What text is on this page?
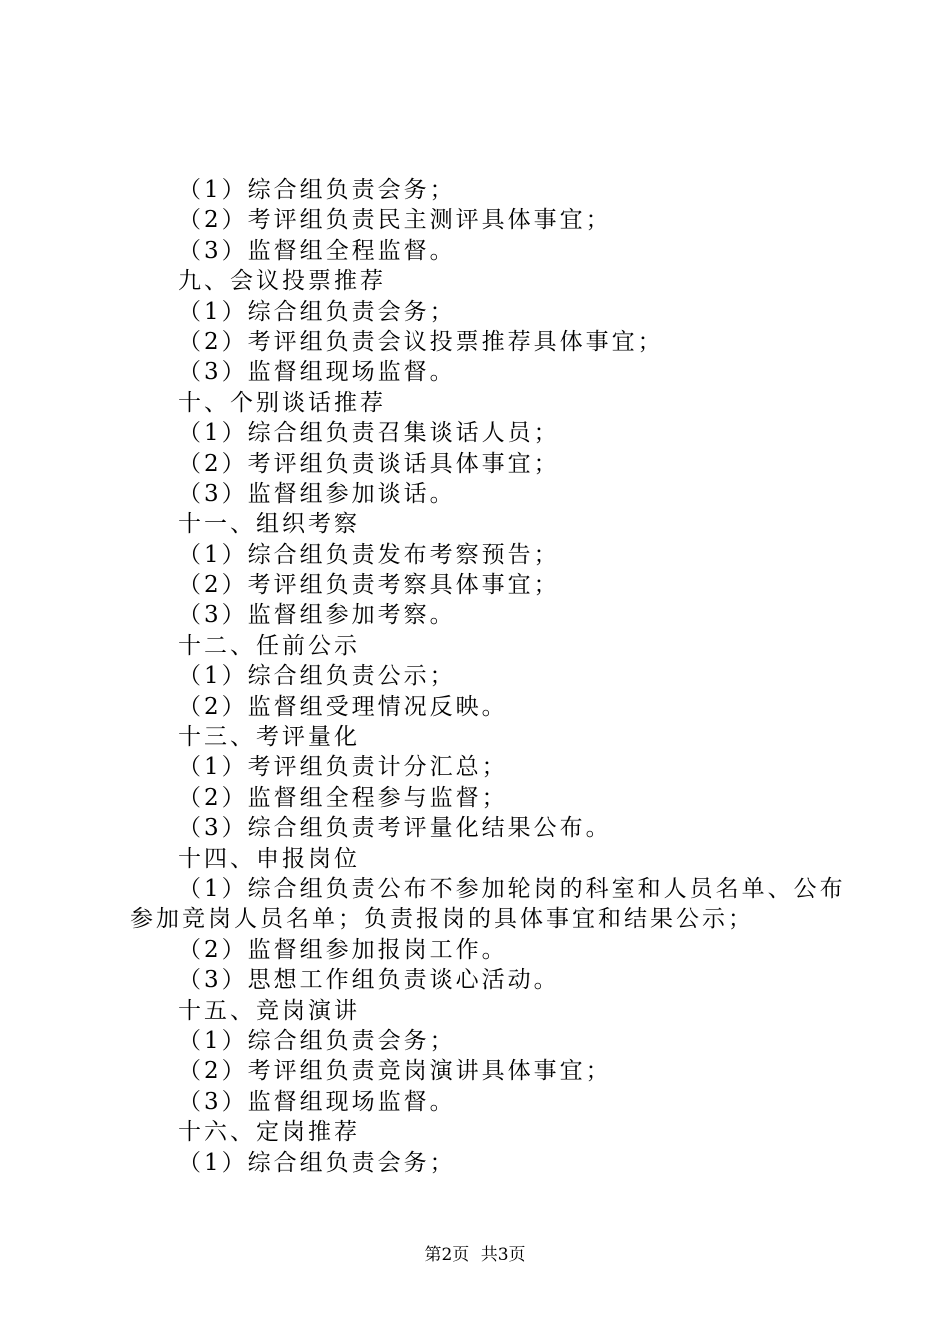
（1）综合组负责会务；
（2）考评组负责民主测评具体事宜；
（3）监督组全程监督。
九、会议投票推荐
（1）综合组负责会务；
（2）考评组负责会议投票推荐具体事宜；
（3）监督组现场监督。
十、个别谈话推荐
（1）综合组负责召集谈话人员；
（2）考评组负责谈话具体事宜；
（3）监督组参加谈话。
十一、组织考察
（1）综合组负责发布考察预告；
（2）考评组负责考察具体事宜；
（3）监督组参加考察。
十二、任前公示
（1）综合组负责公示；
（2）监督组受理情况反映。
十三、考评量化
（1）考评组负责计分汇总；
（2）监督组全程参与监督；
（3）综合组负责考评量化结果公布。
十四、申报岗位
（1）综合组负责公布不参加轮岗的科室和人员名单、公布参加竞岗人员名单；负责报岗的具体事宜和结果公示；
（2）监督组参加报岗工作。
（3）思想工作组负责谈心活动。
十五、竞岗演讲
（1）综合组负责会务；
（2）考评组负责竞岗演讲具体事宜；
（3）监督组现场监督。
十六、定岗推荐
（1）综合组负责会务；
第2页 共3页
